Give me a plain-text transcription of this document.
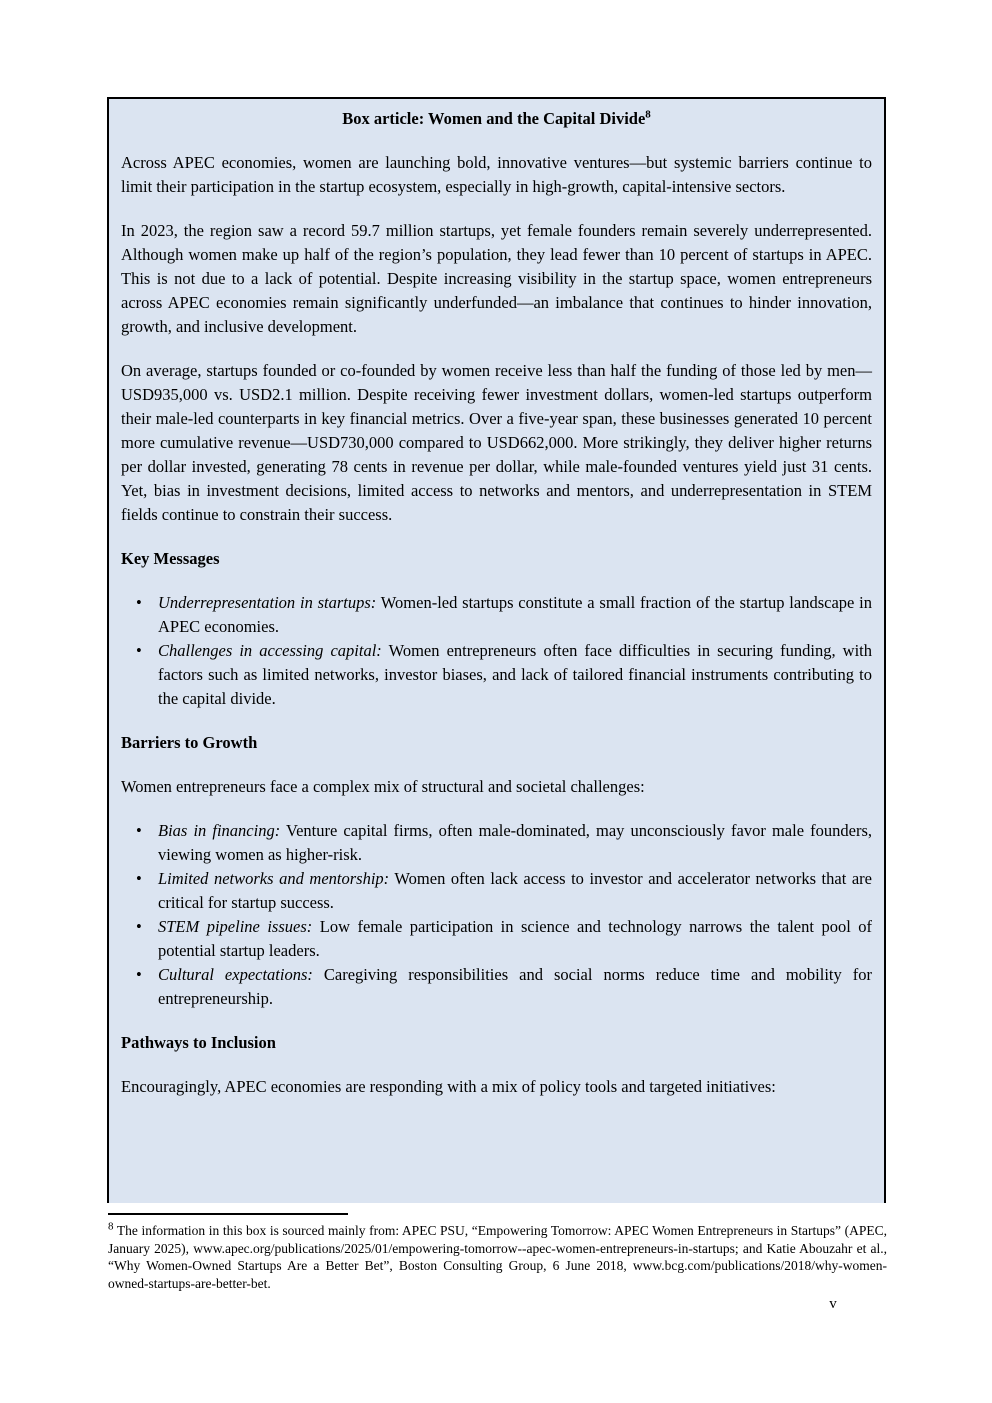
Box article: Women and the Capital Divide$^8$

Across APEC economies, women are launching bold, innovative ventures—but systemic barriers continue to limit their participation in the startup ecosystem, especially in high-growth, capital-intensive sectors.

In 2023, the region saw a record 59.7 million startups, yet female founders remain severely underrepresented. Although women make up half of the region’s population, they lead fewer than 10 percent of startups in APEC. This is not due to a lack of potential. Despite increasing visibility in the startup space, women entrepreneurs across APEC economies remain significantly underfunded—an imbalance that continues to hinder innovation, growth, and inclusive development.

On average, startups founded or co-founded by women receive less than half the funding of those led by men—USD935,000 vs. USD2.1 million. Despite receiving fewer investment dollars, women-led startups outperform their male-led counterparts in key financial metrics. Over a five-year span, these businesses generated 10 percent more cumulative revenue—USD730,000 compared to USD662,000. More strikingly, they deliver higher returns per dollar invested, generating 78 cents in revenue per dollar, while male-founded ventures yield just 31 cents. Yet, bias in investment decisions, limited access to networks and mentors, and underrepresentation in STEM fields continue to constrain their success.

Key Messages
• Underrepresentation in startups: Women-led startups constitute a small fraction of the startup landscape in APEC economies.
• Challenges in accessing capital: Women entrepreneurs often face difficulties in securing funding, with factors such as limited networks, investor biases, and lack of tailored financial instruments contributing to the capital divide.
Barriers to Growth

Women entrepreneurs face a complex mix of structural and societal challenges:

• Bias in financing: Venture capital firms, often male-dominated, may unconsciously favor male founders, viewing women as higher-risk.
• Limited networks and mentorship: Women often lack access to investor and accelerator networks that are critical for startup success.
• STEM pipeline issues: Low female participation in science and technology narrows the talent pool of potential startup leaders.
• Cultural expectations: Caregiving responsibilities and social norms reduce time and mobility for entrepreneurship.
Pathways to Inclusion

Encouragingly, APEC economies are responding with a mix of policy tools and targeted initiatives:

$^8$ The information in this box is sourced mainly from: APEC PSU, “Empowering Tomorrow: APEC Women Entrepreneurs in Startups” (APEC, January 2025), www.apec.org/publications/2025/01/empowering-tomorrow--apec-women-entrepreneurs-in-startups; and Katie Abouzahr et al., “Why Women-Owned Startups Are a Better Bet”, Boston Consulting Group, 6 June 2018, www.bcg.com/publications/2018/why-women-owned-startups-are-better-bet.
v
